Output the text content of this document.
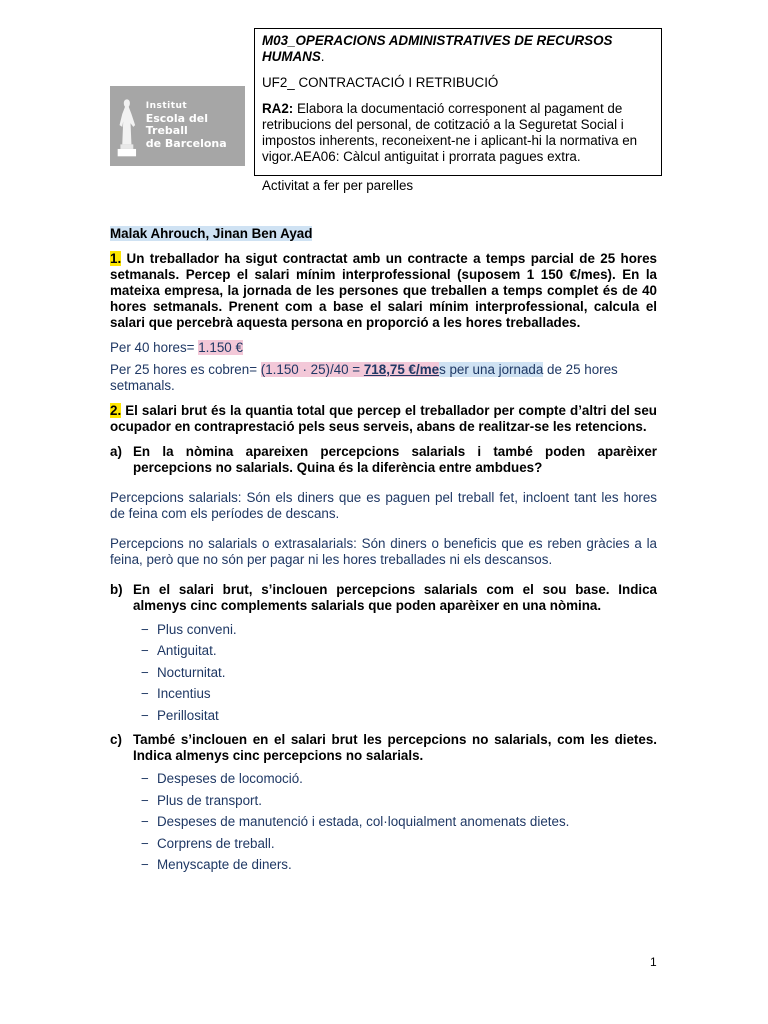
Institut
Escola del Treball
de Barcelona

M03_OPERACIONS ADMINISTRATIVES DE RECURSOS HUMANS.

UF2_ CONTRACTACIÓ I RETRIBUCIÓ

RA2: Elabora la documentació corresponent al pagament de retribucions del personal, de cotització a la Seguretat Social i impostos inherents, reconeixent-ne i aplicant-hi la normativa en vigor.AEA06: Càlcul antiguitat i prorrata pagues extra.

Activitat a fer per parelles

Malak Ahrouch, Jinan Ben Ayad

1. Un treballador ha sigut contractat amb un contracte a temps parcial de 25 hores setmanals. Percep el salari mínim interprofessional (suposem 1 150 €/mes). En la mateixa empresa, la jornada de les persones que treballen a temps complet és de 40 hores setmanals. Prenent com a base el salari mínim interprofessional, calcula el salari que percebrà aquesta persona en proporció a les hores treballades.

Per 40 hores= 1.150 €

Per 25 hores es cobren= (1.150 · 25)/40 = 718,75 €/mes per una jornada de 25 hores setmanals.

2. El salari brut és la quantia total que percep el treballador per compte d’altri del seu ocupador en contraprestació pels seus serveis, abans de realitzar-se les retencions.

a) En la nòmina apareixen percepcions salarials i també poden aparèixer percepcions no salarials. Quina és la diferència entre ambdues?

Percepcions salarials: Són els diners que es paguen pel treball fet, incloent tant les hores de feina com els períodes de descans.

Percepcions no salarials o extrasalarials: Són diners o beneficis que es reben gràcies a la feina, però que no són per pagar ni les hores treballades ni els descansos.

b) En el salari brut, s’inclouen percepcions salarials com el sou base. Indica almenys cinc complements salarials que poden aparèixer en una nòmina.
− Plus conveni.
− Antiguitat.
− Nocturnitat.
− Incentius
− Perillositat
c) També s’inclouen en el salari brut les percepcions no salarials, com les dietes. Indica almenys cinc percepcions no salarials.
− Despeses de locomoció.
− Plus de transport.
− Despeses de manutenció i estada, col·loquialment anomenats dietes.
− Corprens de treball.
− Menyscapte de diners.
1
